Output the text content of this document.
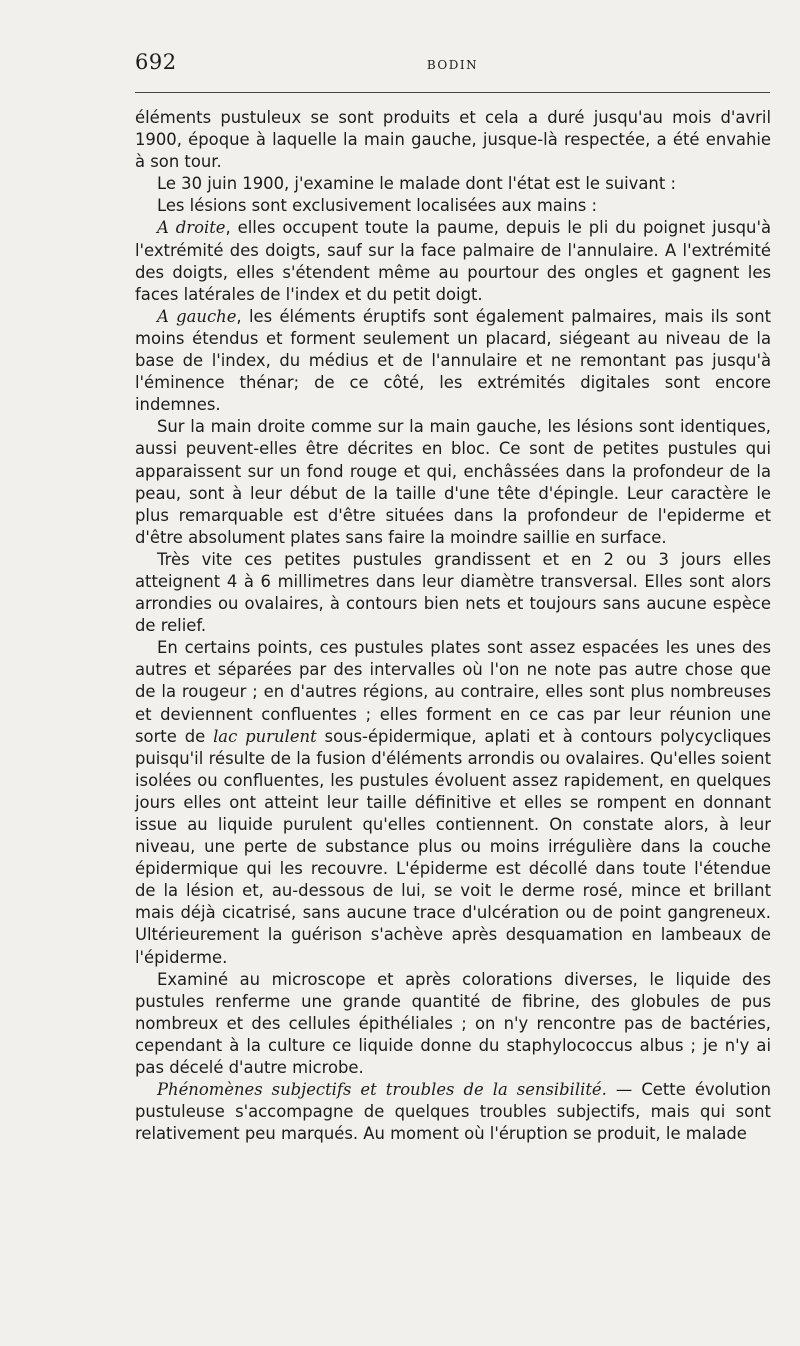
692	BODIN

éléments pustuleux se sont produits et cela a duré jusqu'au mois d'avril 1900, époque à laquelle la main gauche, jusque-là respectée, a été envahie à son tour.

Le 30 juin 1900, j'examine le malade dont l'état est le suivant :

Les lésions sont exclusivement localisées aux mains :

A droite, elles occupent toute la paume, depuis le pli du poignet jusqu'à l'extrémité des doigts, sauf sur la face palmaire de l'annulaire. A l'extrémité des doigts, elles s'étendent même au pourtour des ongles et gagnent les faces latérales de l'index et du petit doigt.

A gauche, les éléments éruptifs sont également palmaires, mais ils sont moins étendus et forment seulement un placard, siégeant au niveau de la base de l'index, du médius et de l'annulaire et ne remontant pas jusqu'à l'éminence thénar; de ce côté, les extrémités digitales sont encore indemnes.

Sur la main droite comme sur la main gauche, les lésions sont identiques, aussi peuvent-elles être décrites en bloc. Ce sont de petites pustules qui apparaissent sur un fond rouge et qui, enchâssées dans la profondeur de la peau, sont à leur début de la taille d'une tête d'épingle. Leur caractère le plus remarquable est d'être situées dans la profondeur de l'epiderme et d'être absolument plates sans faire la moindre saillie en surface.

Très vite ces petites pustules grandissent et en 2 ou 3 jours elles atteignent 4 à 6 millimetres dans leur diamètre transversal. Elles sont alors arrondies ou ovalaires, à contours bien nets et toujours sans aucune espèce de relief.

En certains points, ces pustules plates sont assez espacées les unes des autres et séparées par des intervalles où l'on ne note pas autre chose que de la rougeur ; en d'autres régions, au contraire, elles sont plus nombreuses et deviennent confluentes ; elles forment en ce cas par leur réunion une sorte de lac purulent sous-épidermique, aplati et à contours polycycliques puisqu'il résulte de la fusion d'éléments arrondis ou ovalaires. Qu'elles soient isolées ou confluentes, les pustules évoluent assez rapidement, en quelques jours elles ont atteint leur taille définitive et elles se rompent en donnant issue au liquide purulent qu'elles contiennent. On constate alors, à leur niveau, une perte de substance plus ou moins irrégulière dans la couche épidermique qui les recouvre. L'épiderme est décollé dans toute l'étendue de la lésion et, au-dessous de lui, se voit le derme rosé, mince et brillant mais déjà cicatrisé, sans aucune trace d'ulcération ou de point gangreneux. Ultérieurement la guérison s'achève après desquamation en lambeaux de l'épiderme.

Examiné au microscope et après colorations diverses, le liquide des pustules renferme une grande quantité de fibrine, des globules de pus nombreux et des cellules épithéliales ; on n'y rencontre pas de bactéries, cependant à la culture ce liquide donne du staphylococcus albus ; je n'y ai pas décelé d'autre microbe.

Phénomènes subjectifs et troubles de la sensibilité. — Cette évolution pustuleuse s'accompagne de quelques troubles subjectifs, mais qui sont relativement peu marqués. Au moment où l'éruption se produit, le malade
